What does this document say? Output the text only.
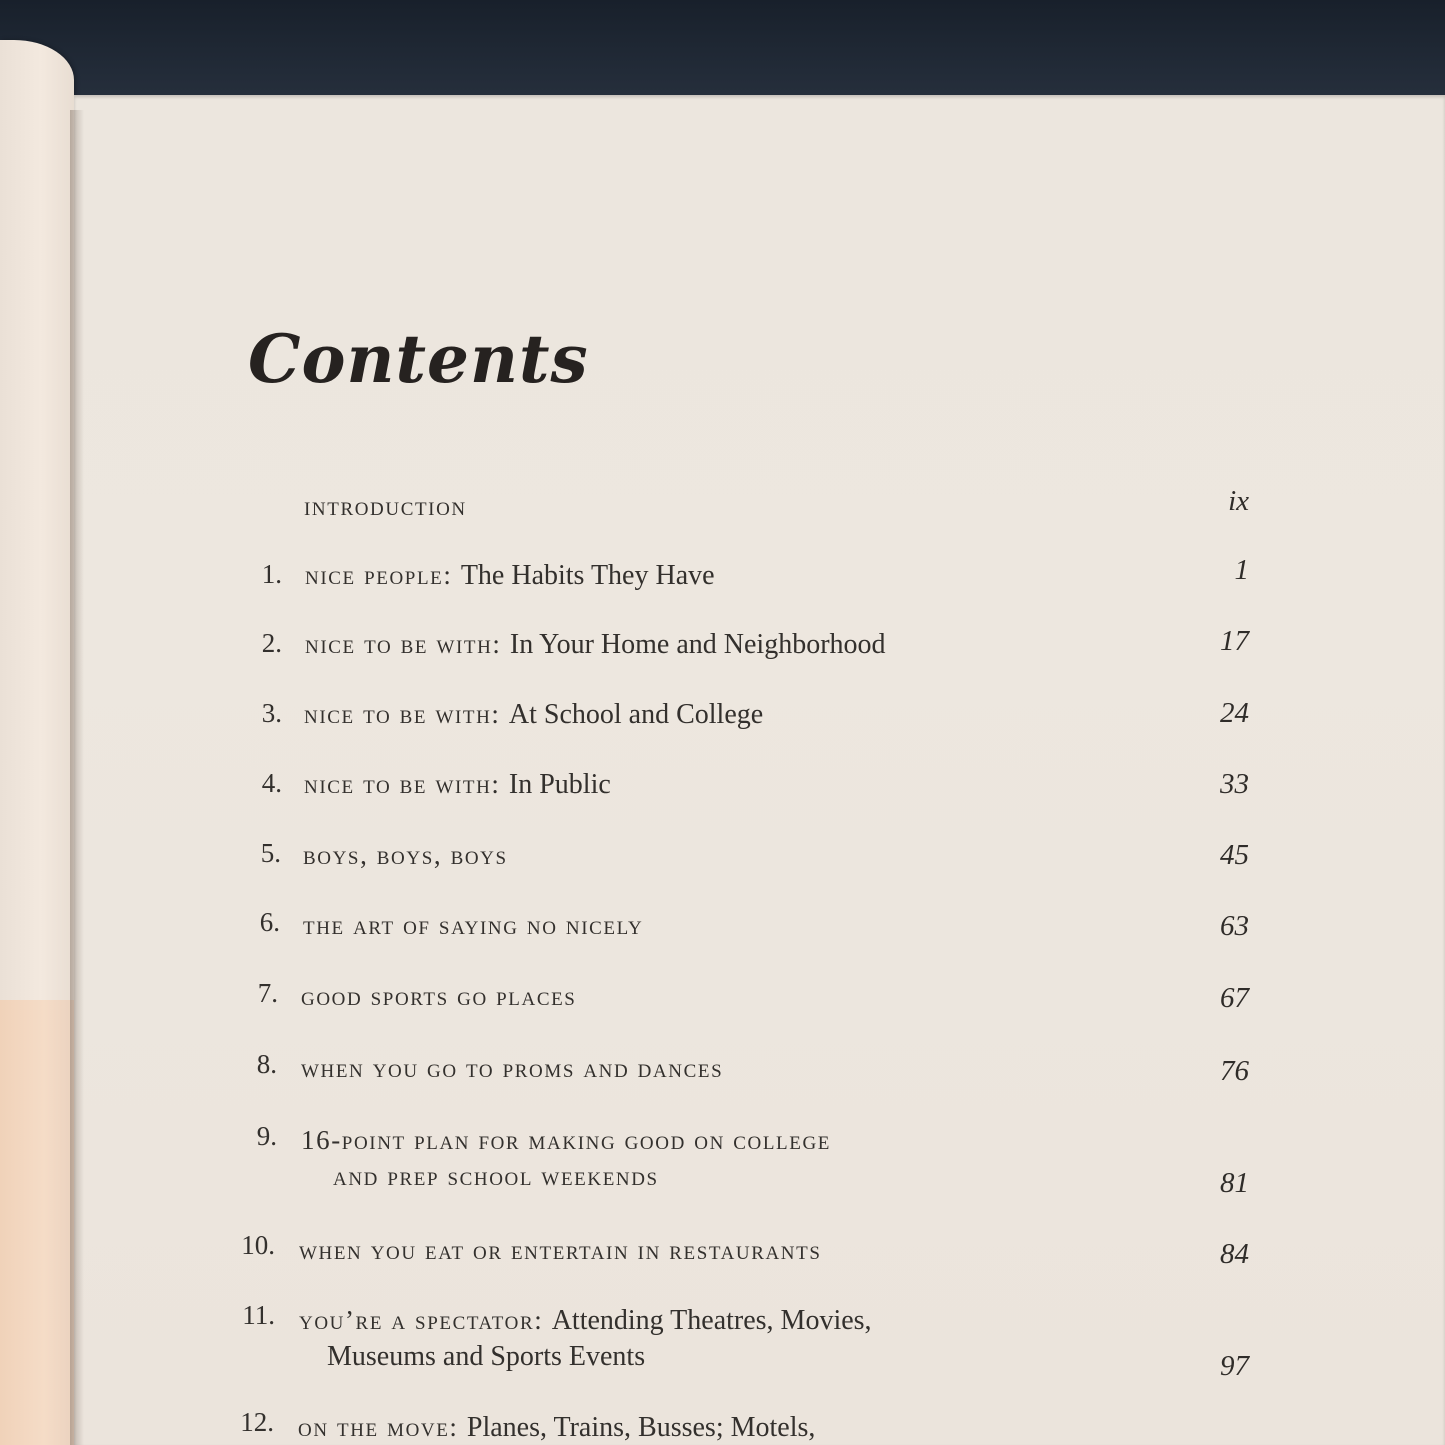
Contents
introduction	ix
1. nice people: The Habits They Have	1
2. nice to be with: In Your Home and Neighborhood	17
3. nice to be with: At School and College	24
4. nice to be with: In Public	33
5. boys, boys, boys	45
6. the art of saying no nicely	63
7. good sports go places	67
8. when you go to proms and dances	76
9. 16-point plan for making good on college
and prep school weekends	81
10. when you eat or entertain in restaurants	84
11. you’re a spectator: Attending Theatres, Movies,
Museums and Sports Events	97
12. on the move: Planes, Trains, Busses; Motels,
